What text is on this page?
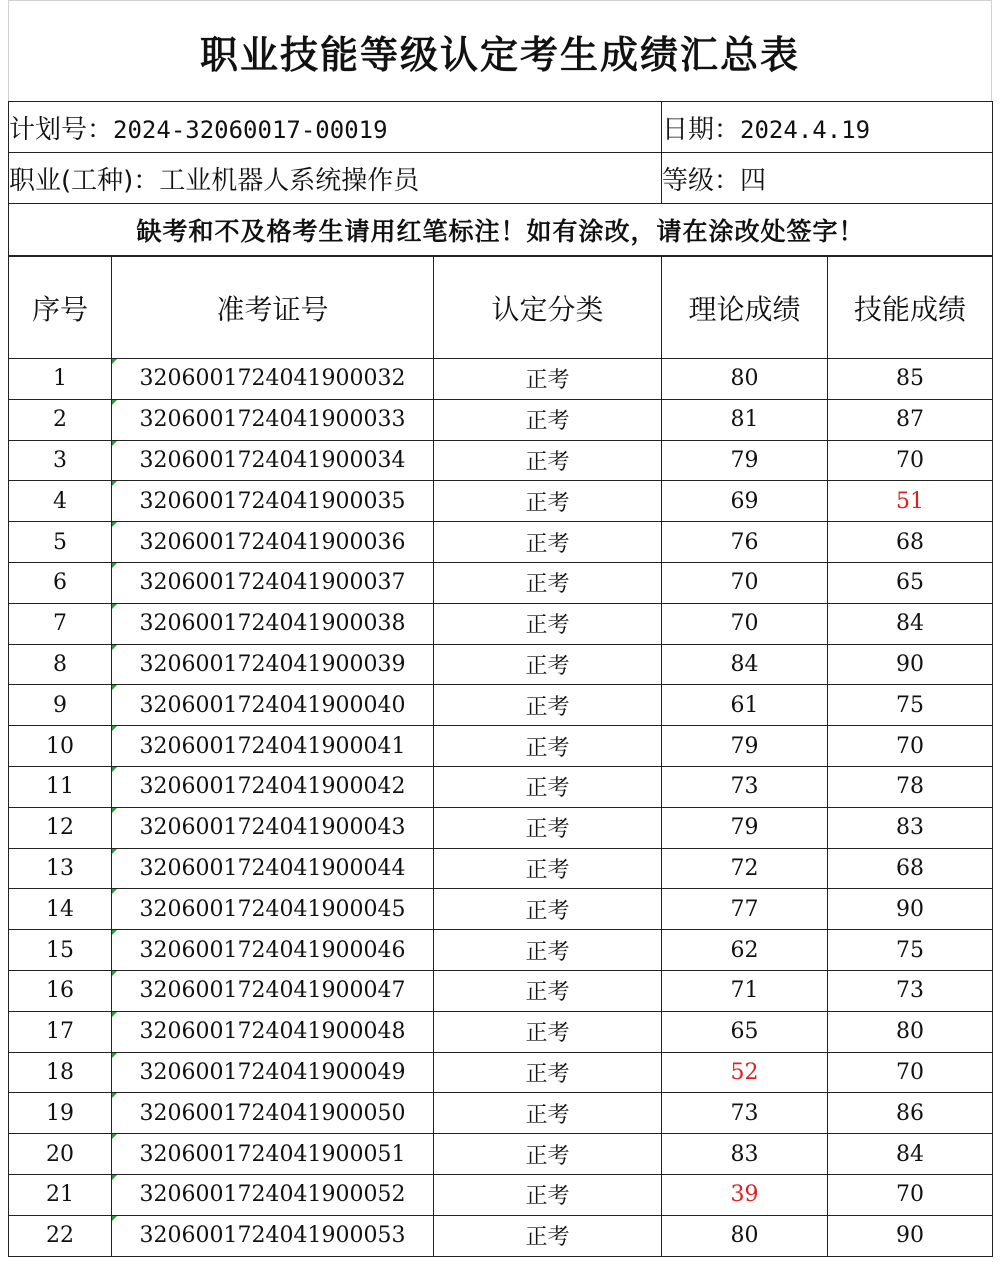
职业技能等级认定考生成绩汇总表
计划号：2024-32060017-00019	日期：2024.4.19
职业(工种)：工业机器人系统操作员	等级：四
缺考和不及格考生请用红笔标注！如有涂改，请在涂改处签字！	
序号	准考证号	认定分类	理论成绩	技能成绩
1	3206001724041900032	正考	80	85
2	3206001724041900033	正考	81	87
3	3206001724041900034	正考	79	70
4	3206001724041900035	正考	69	51
5	3206001724041900036	正考	76	68
6	3206001724041900037	正考	70	65
7	3206001724041900038	正考	70	84
8	3206001724041900039	正考	84	90
9	3206001724041900040	正考	61	75
10	3206001724041900041	正考	79	70
11	3206001724041900042	正考	73	78
12	3206001724041900043	正考	79	83
13	3206001724041900044	正考	72	68
14	3206001724041900045	正考	77	90
15	3206001724041900046	正考	62	75
16	3206001724041900047	正考	71	73
17	3206001724041900048	正考	65	80
18	3206001724041900049	正考	52	70
19	3206001724041900050	正考	73	86
20	3206001724041900051	正考	83	84
21	3206001724041900052	正考	39	70
22	3206001724041900053	正考	80	90
